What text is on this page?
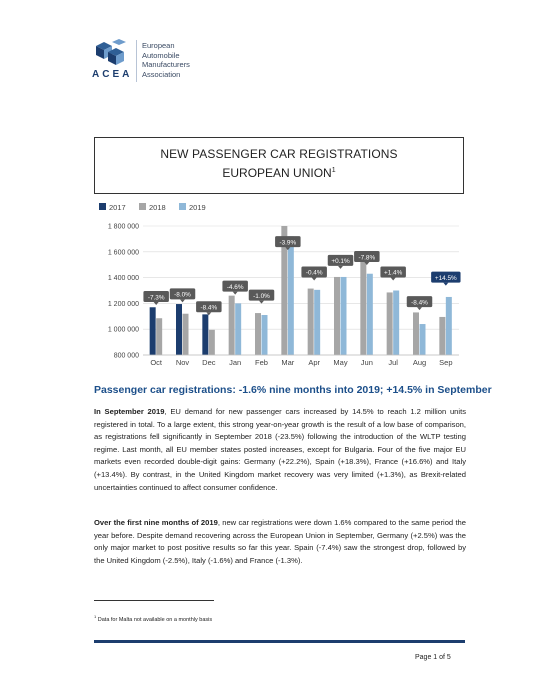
ACEA
European
Automobile
Manufacturers
Association
NEW PASSENGER CAR REGISTRATIONS
EUROPEAN UNION$^1$
2017	2018	2019
800 000
1 000 000
1 200 000
1 400 000
1 600 000
1 800 000
Oct
-7.3%
Nov
-8.0%
Dec
-8.4%
Jan
-4.6%
Feb
-1.0%
Mar
-3.9%
Apr
-0.4%
May
+0.1%
Jun
-7.8%
Jul
+1.4%
Aug
-8.4%
Sep
+14.5%
Passenger car registrations: -1.6% nine months into 2019; +14.5% in September
In September 2019, EU demand for new passenger cars increased by 14.5% to reach 1.2 million units registered in total. To a large extent, this strong year-on-year growth is the result of a low base of comparison, as registrations fell significantly in September 2018 (-23.5%) following the introduction of the WLTP testing regime. Last month, all EU member states posted increases, except for Bulgaria. Four of the five major EU markets even recorded double-digit gains: Germany (+22.2%), Spain (+18.3%), France (+16.6%) and Italy (+13.4%). By contrast, in the United Kingdom market recovery was very limited (+1.3%), as Brexit-related uncertainties continued to affect consumer confidence.
Over the first nine months of 2019, new car registrations were down 1.6% compared to the same period the year before. Despite demand recovering across the European Union in September, Germany (+2.5%) was the only major market to post positive results so far this year. Spain (-7.4%) saw the strongest drop, followed by the United Kingdom (-2.5%), Italy (-1.6%) and France (-1.3%).
$^1$ Data for Malta not available on a monthly basis
Page 1 of 5
